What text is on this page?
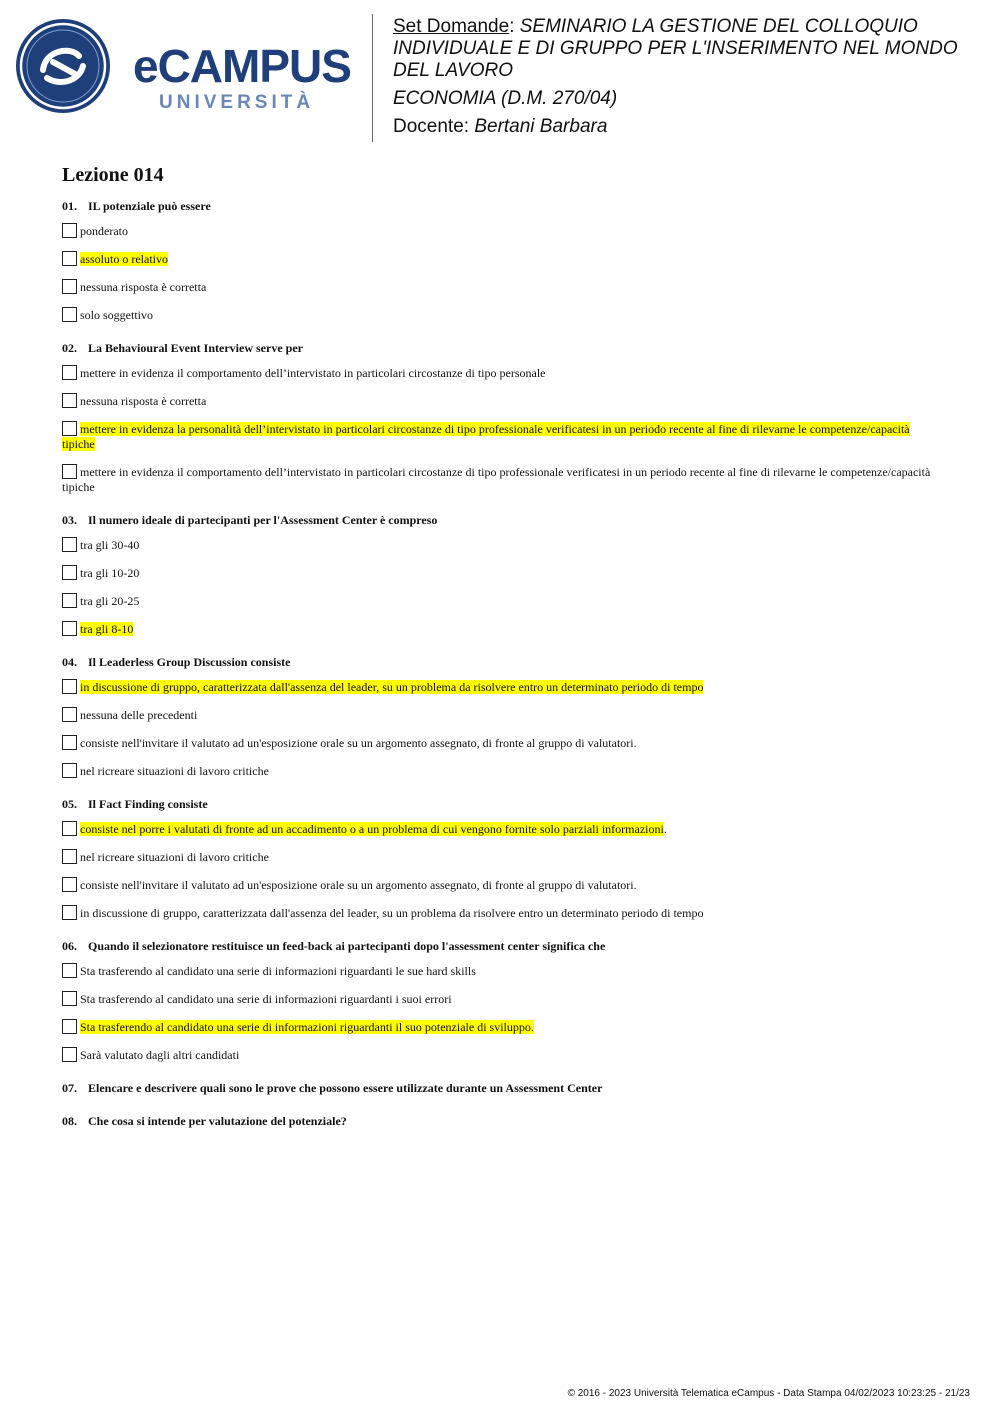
eCAMPUS
UNIVERSITÀ

Set Domande: SEMINARIO LA GESTIONE DEL COLLOQUIO INDIVIDUALE E DI GRUPPO PER L'INSERIMENTO NEL MONDO DEL LAVORO

ECONOMIA (D.M. 270/04)

Docente: Bertani Barbara

Lezione 014
01. IL potenziale può essere
ponderato
assoluto o relativo
nessuna risposta è corretta
solo soggettivo
02. La Behavioural Event Interview serve per
mettere in evidenza il comportamento dell’intervistato in particolari circostanze di tipo personale
nessuna risposta è corretta
mettere in evidenza la personalità dell’intervistato in particolari circostanze di tipo professionale verificatesi in un periodo recente al fine di rilevarne le competenze/capacità tipiche
mettere in evidenza il comportamento dell’intervistato in particolari circostanze di tipo professionale verificatesi in un periodo recente al fine di rilevarne le competenze/capacità tipiche
03. Il numero ideale di partecipanti per l'Assessment Center è compreso
tra gli 30-40
tra gli 10-20
tra gli 20-25
tra gli 8-10
04. Il Leaderless Group Discussion consiste
in discussione di gruppo, caratterizzata dall'assenza del leader, su un problema da risolvere entro un determinato periodo di tempo
nessuna delle precedenti
consiste nell'invitare il valutato ad un'esposizione orale su un argomento assegnato, di fronte al gruppo di valutatori.
nel ricreare situazioni di lavoro critiche
05. Il Fact Finding consiste
consiste nel porre i valutati di fronte ad un accadimento o a un problema di cui vengono fornite solo parziali informazioni.
nel ricreare situazioni di lavoro critiche
consiste nell'invitare il valutato ad un'esposizione orale su un argomento assegnato, di fronte al gruppo di valutatori.
in discussione di gruppo, caratterizzata dall'assenza del leader, su un problema da risolvere entro un determinato periodo di tempo
06. Quando il selezionatore restituisce un feed-back ai partecipanti dopo l'assessment center significa che
Sta trasferendo al candidato una serie di informazioni riguardanti le sue hard skills
Sta trasferendo al candidato una serie di informazioni riguardanti i suoi errori
Sta trasferendo al candidato una serie di informazioni riguardanti il suo potenziale di sviluppo.
Sarà valutato dagli altri candidati
07. Elencare e descrivere quali sono le prove che possono essere utilizzate durante un Assessment Center
08. Che cosa si intende per valutazione del potenziale?
© 2016 - 2023 Università Telematica eCampus - Data Stampa 04/02/2023 10:23:25 - 21/23
